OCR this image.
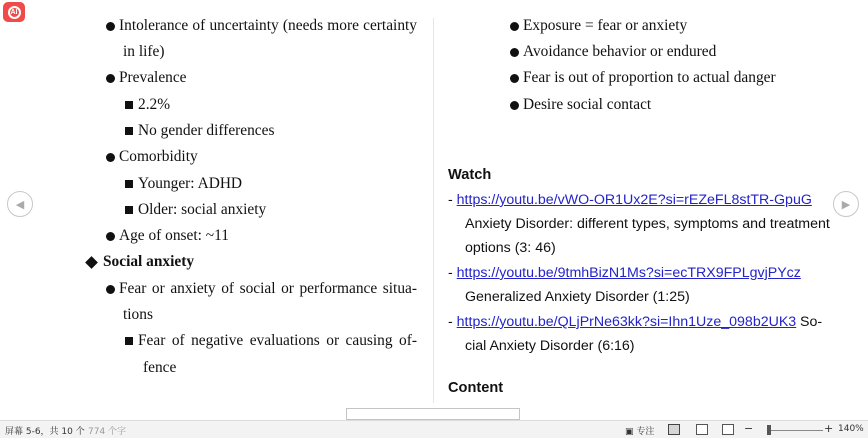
AI
◀	▶
Intolerance of uncertainty (needs more certainty
in life)
Prevalence
2.2%
No gender differences
Comorbidity
Younger: ADHD
Older: social anxiety
Age of onset: ~11
Social anxiety
Fear or anxiety of social or performance situa-
tions
Fear of negative evaluations or causing of-
fence
Exposure = fear or anxiety
Avoidance behavior or endured
Fear is out of proportion to actual danger
Desire social contact
Watch
- https://youtu.be/vWO-OR1Ux2E?si=rEZeFL8stTR-GpuG
Anxiety Disorder: different types, symptoms and treatment
options (3: 46)
- https://youtu.be/9tmhBizN1Ms?si=ecTRX9FPLgvjPYcz
Generalized Anxiety Disorder (1:25)
- https://youtu.be/QLjPrNe63kk?si=Ihn1Uze_098b2UK3 So-
cial Anxiety Disorder (6:16)
Content
屏幕 5-6，共 10 个 774 个字	▣ 专注	−	+ 140%
